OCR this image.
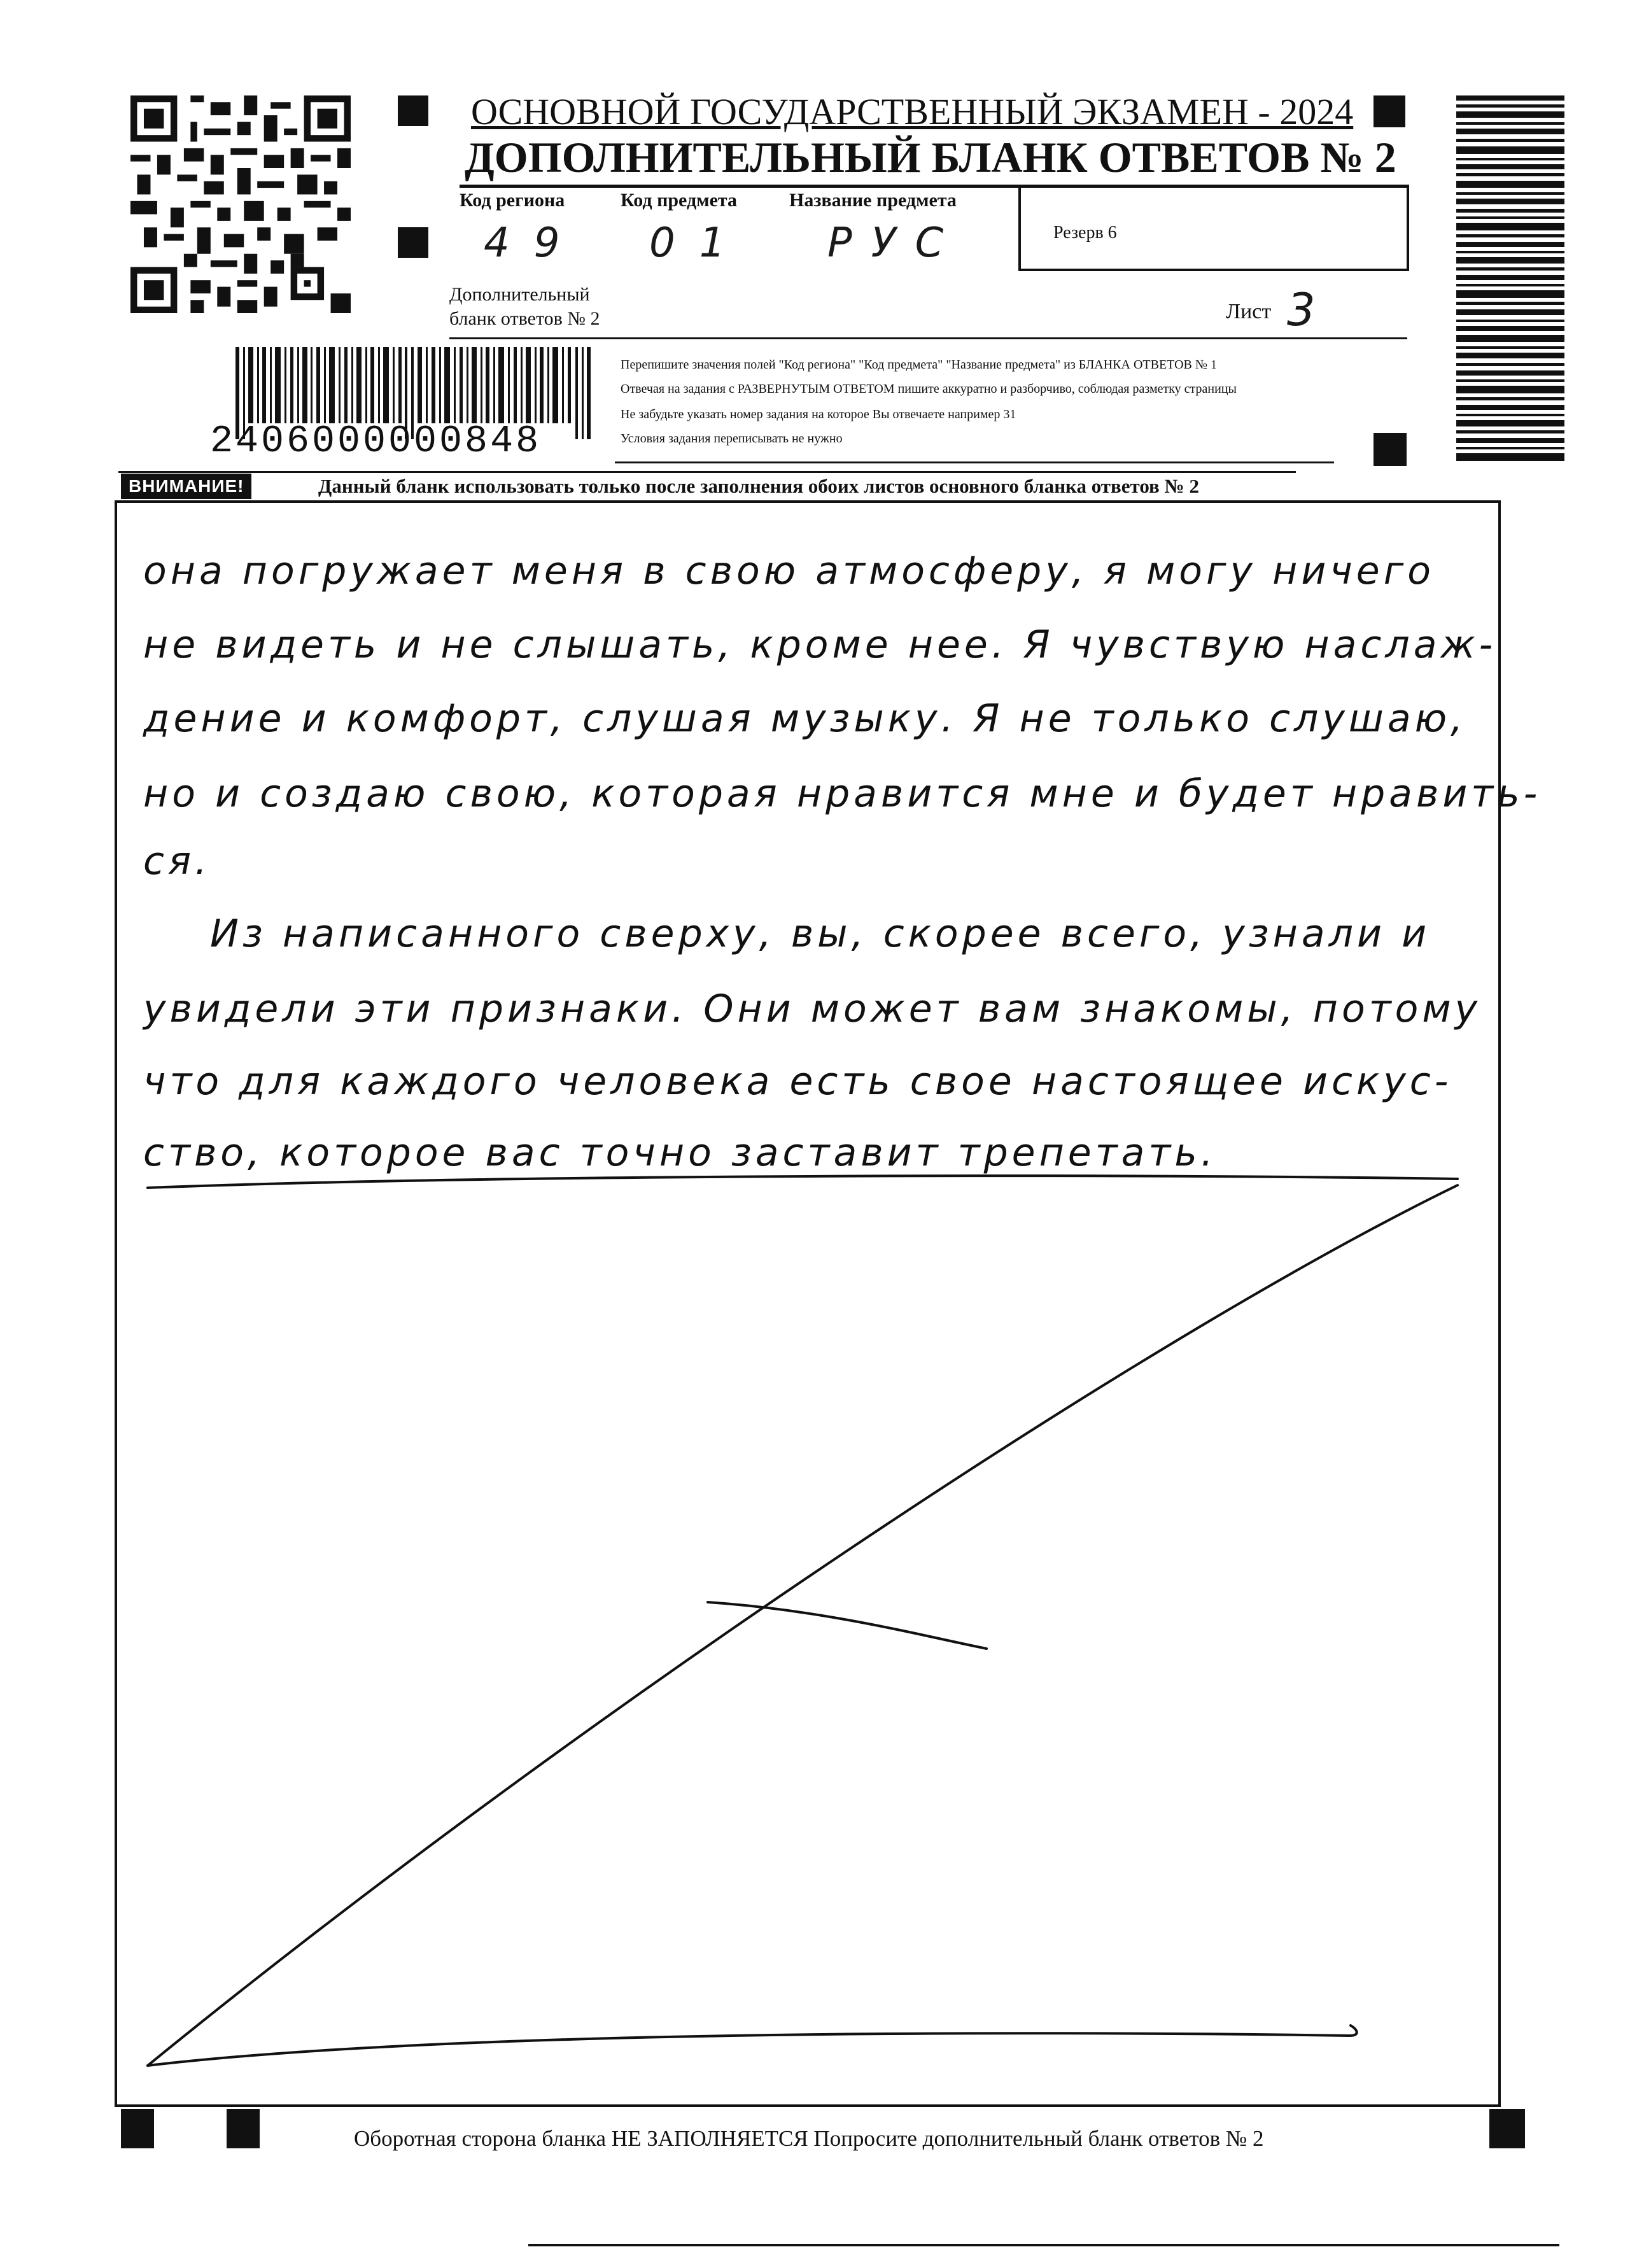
2406000000848
ОСНОВНОЙ ГОСУДАРСТВЕННЫЙ ЭКЗАМЕН - 2024
ДОПОЛНИТЕЛЬНЫЙ БЛАНК ОТВЕТОВ № 2
Код региона	Код предмета	Название предмета
49 01 РУС	Резерв 6
Дополнительный
бланк ответов № 2	Лист 3
Перепишите значения полей "Код региона" "Код предмета" "Название предмета" из БЛАНКА ОТВЕТОВ № 1
Отвечая на задания с РАЗВЕРНУТЫМ ОТВЕТОМ пишите аккуратно и разборчиво, соблюдая разметку страницы
Не забудьте указать номер задания на которое Вы отвечаете например 31
Условия задания переписывать не нужно
ВНИМАНИЕ!	Данный бланк использовать только после заполнения обоих листов основного бланка ответов № 2
она погружает меня в свою атмосферу, я могу ничего
не видеть и не слышать, кроме нее. Я чувствую наслаж-
дение и комфорт, слушая музыку. Я не только слушаю,
но и создаю свою, которая нравится мне и будет нравить-
ся.
Из написанного сверху, вы, скорее всего, узнали и
увидели эти признаки. Они может вам знакомы, потому
что для каждого человека есть свое настоящее искус-
ство, которое вас точно заставит трепетать.
Оборотная сторона бланка НЕ ЗАПОЛНЯЕТСЯ Попросите дополнительный бланк ответов № 2
